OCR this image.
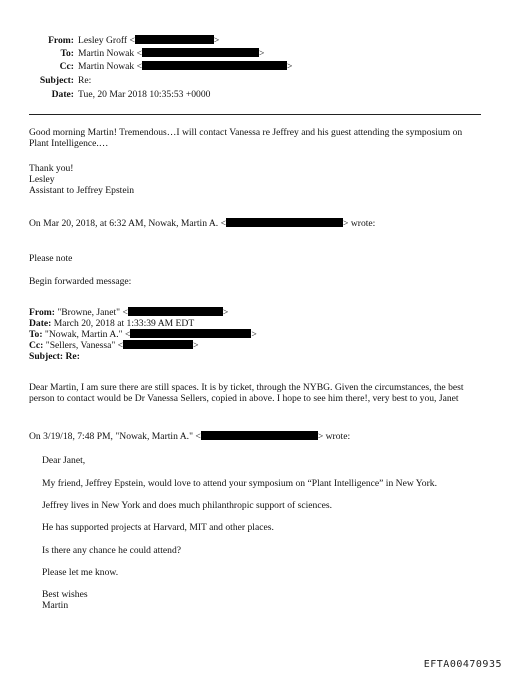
From: Lesley Groff <	>
To: Martin Nowak <	>
Cc: Martin Nowak <	>
Subject: Re:
Date: Tue, 20 Mar 2018 10:35:53 +0000
Good morning Martin! Tremendous…I will contact Vanessa re Jeffrey and his guest attending the symposium on Plant Intelligence.…
Thank you!
Lesley
Assistant to Jeffrey Epstein
On Mar 20, 2018, at 6:32 AM, Nowak, Martin A. <	> wrote:
Please note
Begin forwarded message:
From: "Browne, Janet" <	>
Date: March 20, 2018 at 1:33:39 AM EDT
To: "Nowak, Martin A." <	>
Cc: "Sellers, Vanessa" <	>
Subject: Re:
Dear Martin, I am sure there are still spaces. It is by ticket, through the NYBG. Given the circumstances, the best person to contact would be Dr Vanessa Sellers, copied in above. I hope to see him there!, very best to you, Janet
On 3/19/18, 7:48 PM, "Nowak, Martin A." <	> wrote:
Dear Janet,
My friend, Jeffrey Epstein, would love to attend your symposium on “Plant Intelligence” in New York.
Jeffrey lives in New York and does much philanthropic support of sciences.
He has supported projects at Harvard, MIT and other places.
Is there any chance he could attend?
Please let me know.
Best wishes
Martin
EFTA00470935
